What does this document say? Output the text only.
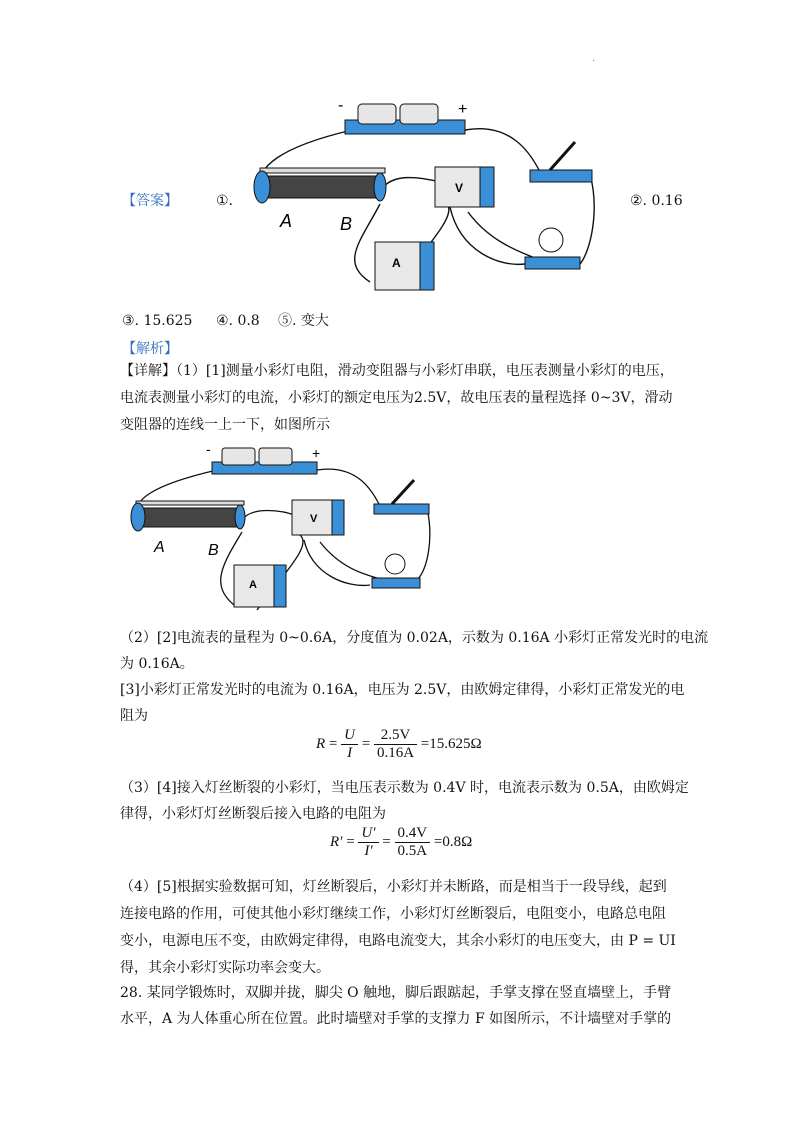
·
-	+
A	B
V
A
【答案】	①.	②. 0.16
③. 15.625 ④. 0.8 ⑤. 变大
【解析】
【详解】（1）[1]测量小彩灯电阻，滑动变阻器与小彩灯串联，电压表测量小彩灯的电压，
电流表测量小彩灯的电流，小彩灯的额定电压为2.5V，故电压表的量程选择 0~3V，滑动
变阻器的连线一上一下，如图所示
-	+
A	B
V
A
（2）[2]电流表的量程为 0~0.6A，分度值为 0.02A，示数为 0.16A 小彩灯正常发光时的电流
为 0.16A。
[3]小彩灯正常发光时的电流为 0.16A，电压为 2.5V，由欧姆定律得，小彩灯正常发光的电
阻为
$R = \frac{U}{I} = \frac{2.5V}{0.16A} =15.625\Omega$
（3）[4]接入灯丝断裂的小彩灯，当电压表示数为 0.4V 时，电流表示数为 0.5A，由欧姆定
律得，小彩灯灯丝断裂后接入电路的电阻为
$R' = \frac{U'}{I'} = \frac{0.4V}{0.5A} =0.8\Omega$
（4）[5]根据实验数据可知，灯丝断裂后，小彩灯并未断路，而是相当于一段导线，起到
连接电路的作用，可使其他小彩灯继续工作，小彩灯灯丝断裂后，电阻变小，电路总电阻
变小，电源电压不变，由欧姆定律得，电路电流变大，其余小彩灯的电压变大，由 P = UI
得，其余小彩灯实际功率会变大。
28. 某同学锻炼时，双脚并拢，脚尖 O 触地，脚后跟踮起，手掌支撑在竖直墙壁上，手臂
水平，A 为人体重心所在位置。此时墙壁对手掌的支撑力 F 如图所示，不计墙壁对手掌的
